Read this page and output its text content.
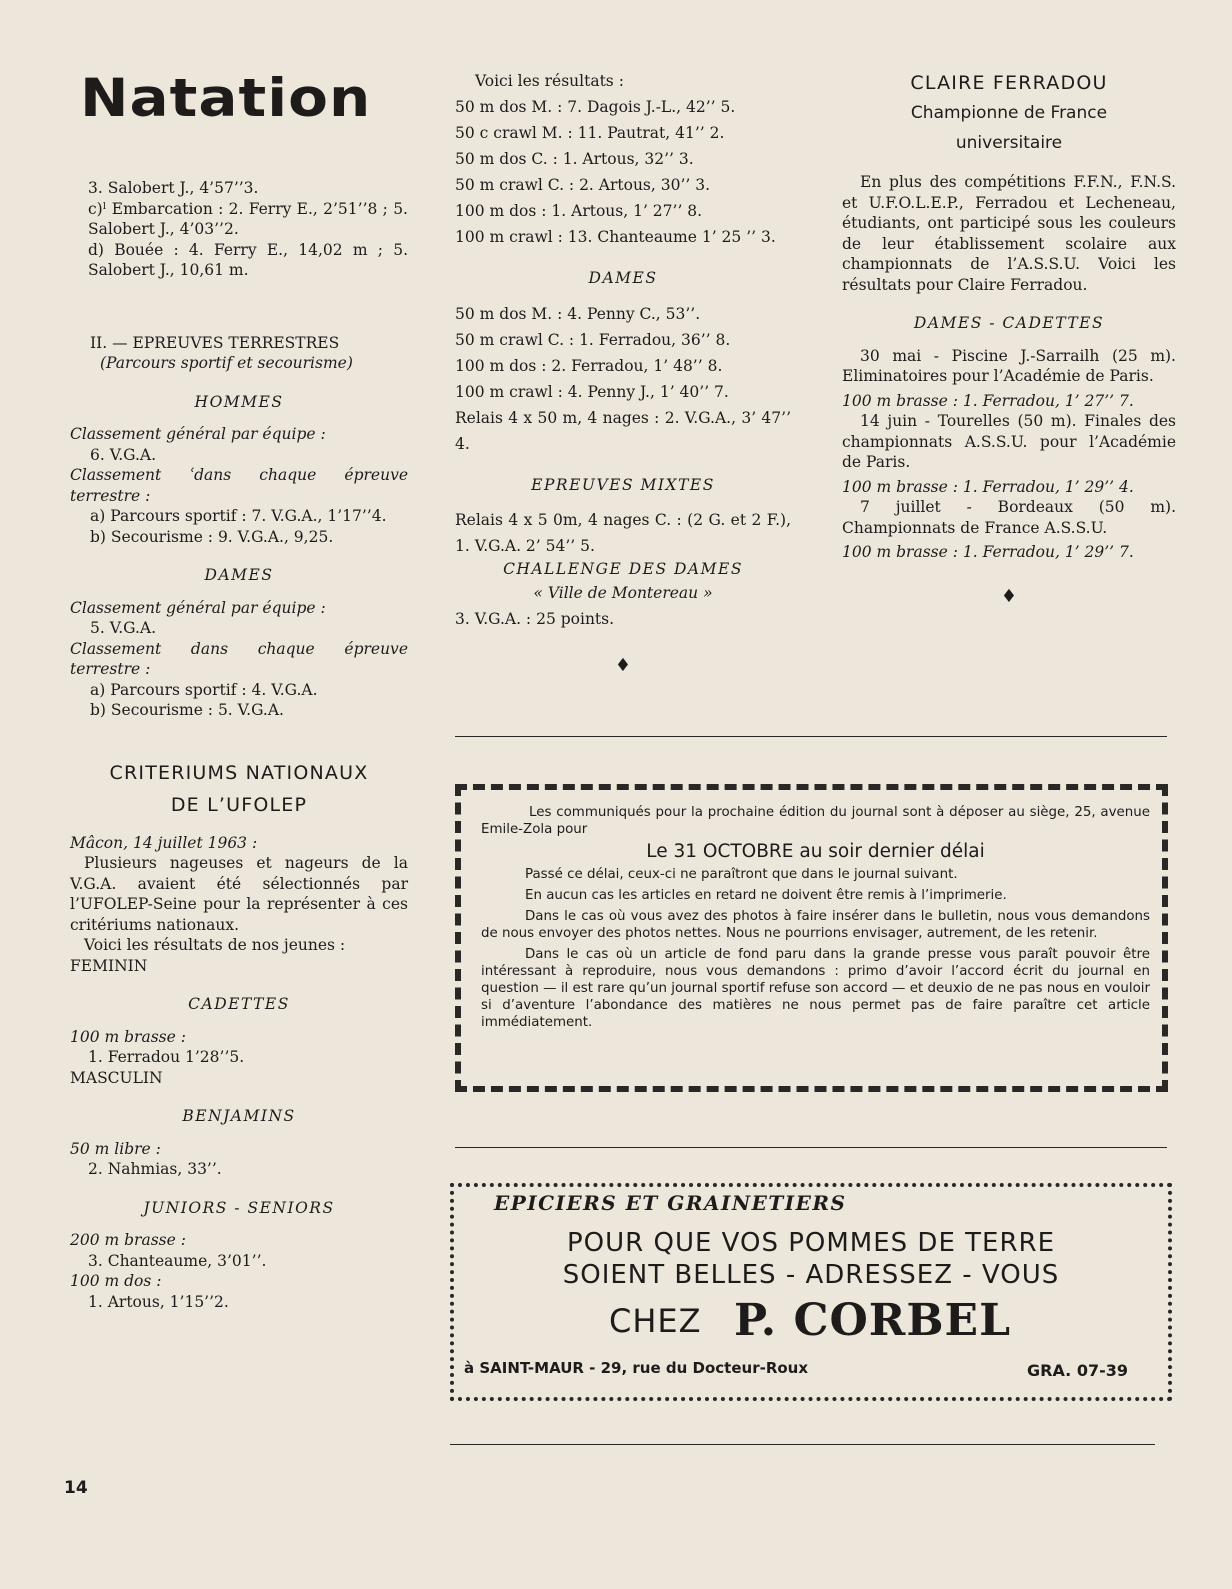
Natation

3. Salobert J., 4’57’’3.

c)ˡ Embarcation : 2. Ferry E., 2’51’’8 ; 5. Salobert J., 4’03’’2.

d) Bouée : 4. Ferry E., 14,02 m ; 5. Salobert J., 10,61 m.

II. — EPREUVES TERRESTRES

(Parcours sportif et secourisme)

HOMMES

Classement général par équipe :

6. V.G.A.

Classement ʿdans chaque épreuve terrestre :

a) Parcours sportif : 7. V.G.A., 1’17’’4.

b) Secourisme : 9. V.G.A., 9,25.

DAMES

Classement général par équipe :

5. V.G.A.

Classement dans chaque épreuve terrestre :

a) Parcours sportif : 4. V.G.A.

b) Secourisme : 5. V.G.A.

CRITERIUMS NATIONAUX
DE L’UFOLEP

Mâcon, 14 juillet 1963 :

Plusieurs nageuses et nageurs de la V.G.A. avaient été sélectionnés par l’UFOLEP-Seine pour la représenter à ces critériums nationaux.

Voici les résultats de nos jeunes :

FEMININ

CADETTES

100 m brasse :

1. Ferradou 1’28’’5.

MASCULIN

BENJAMINS

50 m libre :

2. Nahmias, 33’’.

JUNIORS - SENIORS

200 m brasse :

3. Chanteaume, 3’01’’.

100 m dos :

1. Artous, 1’15’’2.

Voici les résultats :

50 m dos M. : 7. Dagois J.-L., 42’’ 5.

50 c crawl M. : 11. Pautrat, 41’’ 2.

50 m dos C. : 1. Artous, 32’’ 3.

50 m crawl C. : 2. Artous, 30’’ 3.

100 m dos : 1. Artous, 1’ 27’’ 8.

100 m crawl : 13. Chanteaume 1’ 25 ’’ 3.

DAMES

50 m dos M. : 4. Penny C., 53’’.

50 m crawl C. : 1. Ferradou, 36’’ 8.

100 m dos : 2. Ferradou, 1’ 48’’ 8.

100 m crawl : 4. Penny J., 1’ 40’’ 7.

Relais 4 x 50 m, 4 nages : 2. V.G.A., 3’ 47’’ 4.

EPREUVES MIXTES

Relais 4 x 5 0m, 4 nages C. : (2 G. et 2 F.), 1. V.G.A. 2’ 54’’ 5.

CHALLENGE DES DAMES

« Ville de Montereau »

3. V.G.A. : 25 points.

♦

CLAIRE FERRADOU
Championne de France
universitaire

En plus des compétitions F.F.N., F.N.S. et U.F.O.L.E.P., Ferradou et Lecheneau, étudiants, ont participé sous les couleurs de leur établissement scolaire aux championnats de l’A.S.S.U. Voici les résultats pour Claire Ferradou.

DAMES - CADETTES

30 mai - Piscine J.-Sarrailh (25 m). Eliminatoires pour l’Académie de Paris.

100 m brasse : 1. Ferradou, 1’ 27’’ 7.

14 juin - Tourelles (50 m). Finales des championnats A.S.S.U. pour l’Académie de Paris.

100 m brasse : 1. Ferradou, 1’ 29’’ 4.

7 juillet - Bordeaux (50 m). Championnats de France A.S.S.U.

100 m brasse : 1. Ferradou, 1’ 29’’ 7.

♦

Les communiqués pour la prochaine édition du journal sont à déposer au siège, 25, avenue Emile-Zola pour

Le 31 OCTOBRE au soir dernier délai

Passé ce délai, ceux-ci ne paraîtront que dans le journal suivant.

En aucun cas les articles en retard ne doivent être remis à l’imprimerie.

Dans le cas où vous avez des photos à faire insérer dans le bulletin, nous vous demandons de nous envoyer des photos nettes. Nous ne pourrions envisager, autrement, de les retenir.

Dans le cas où un article de fond paru dans la grande presse vous paraît pouvoir être intéressant à reproduire, nous vous demandons : primo d’avoir l’accord écrit du journal en question — il est rare qu’un journal sportif refuse son accord — et deuxio de ne pas nous en vouloir si d’aventure l’abondance des matières ne nous permet pas de faire paraître cet article immédiatement.

EPICIERS ET GRAINETIERS
POUR QUE VOS POMMES DE TERRE
SOIENT BELLES - ADRESSEZ - VOUS
CHEZ P. CORBEL
à SAINT-MAUR - 29, rue du Docteur-Roux	GRA. 07-39
14
